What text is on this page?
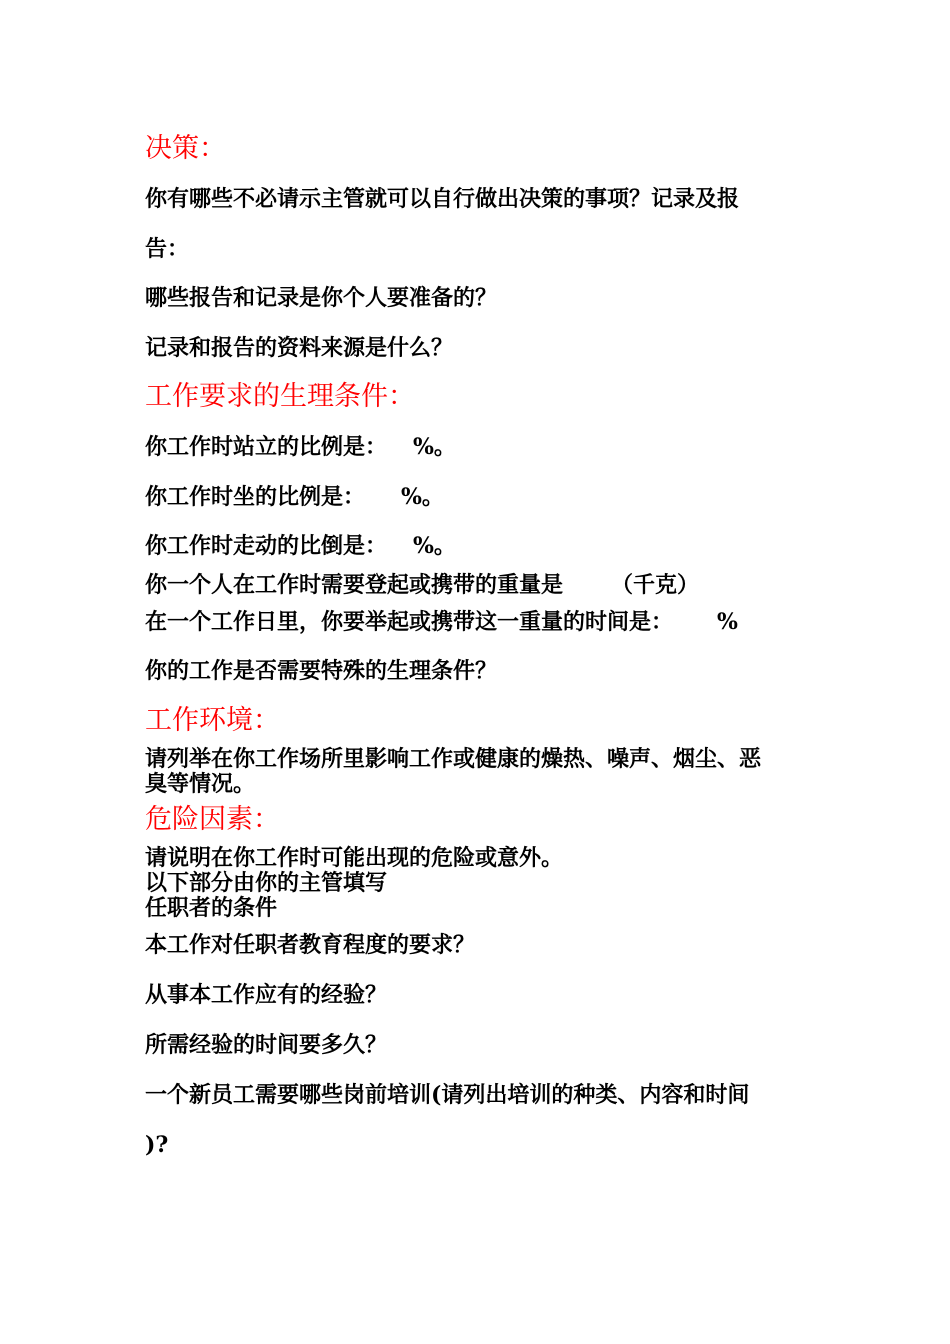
决策：

你有哪些不必请示主管就可以自行做出决策的事项？记录及报

告：

哪些报告和记录是你个人要准备的？

记录和报告的资料来源是什么？

工作要求的生理条件：

你工作时站立的比例是： %。

你工作时坐的比例是： %。

你工作时走动的比倒是： %。

你一个人在工作时需要登起或携带的重量是 （千克）

在一个工作日里，你要举起或携带这一重量的时间是： %

你的工作是否需要特殊的生理条件？

工作环境：

请列举在你工作场所里影响工作或健康的燥热、噪声、烟尘、恶

臭等情况。

危险因素：

请说明在你工作时可能出现的危险或意外。

以下部分由你的主管填写

任职者的条件

本工作对任职者教育程度的要求？

从事本工作应有的经验？

所需经验的时间要多久？

一个新员工需要哪些岗前培训(请列出培训的种类、内容和时间

)?
